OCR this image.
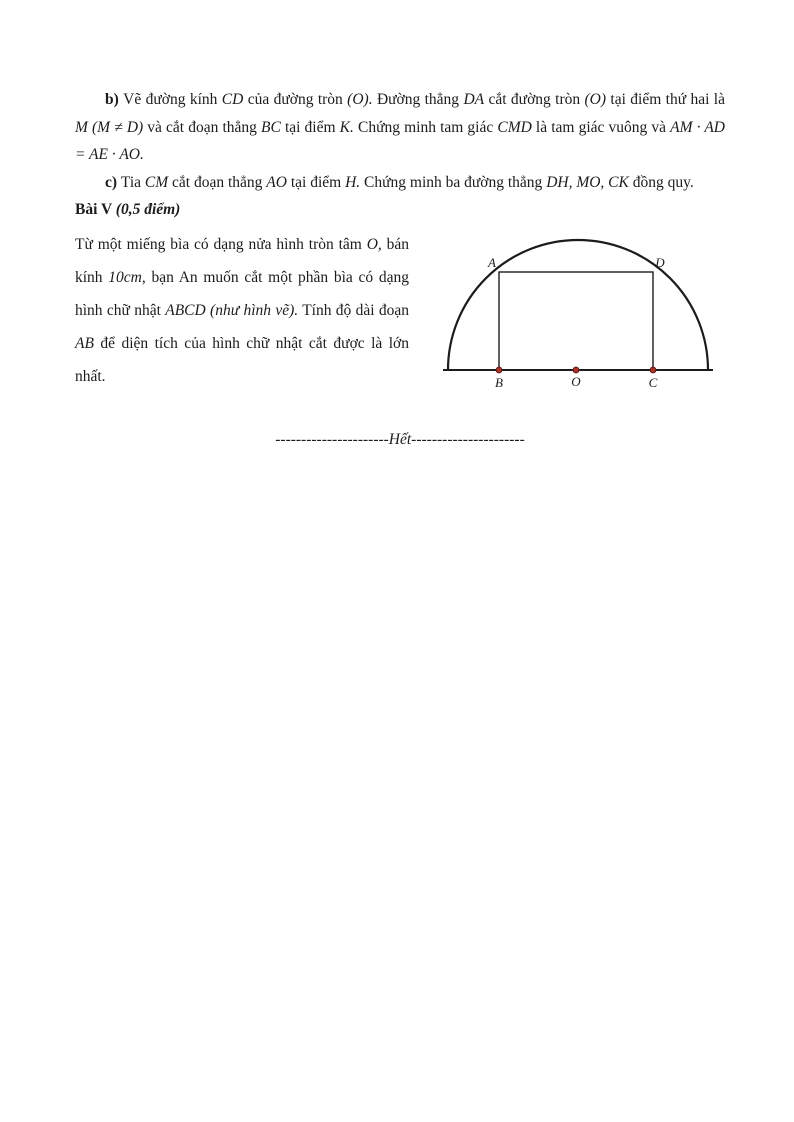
b) Vẽ đường kính CD của đường tròn (O). Đường thẳng DA cắt đường tròn (O) tại điểm thứ hai là M (M ≠ D) và cắt đoạn thẳng BC tại điểm K. Chứng minh tam giác CMD là tam giác vuông và AM · AD = AE · AO.

c) Tia CM cắt đoạn thẳng AO tại điểm H. Chứng minh ba đường thẳng DH, MO, CK đồng quy.

Bài V (0,5 điểm)

Từ một miếng bìa có dạng nửa hình tròn tâm O, bán kính 10cm, bạn An muốn cắt một phần bìa có dạng hình chữ nhật ABCD (như hình vẽ). Tính độ dài đoạn AB để diện tích của hình chữ nhật cắt được là lớn nhất.

A	D
B	O	C

----------------------Hết----------------------
